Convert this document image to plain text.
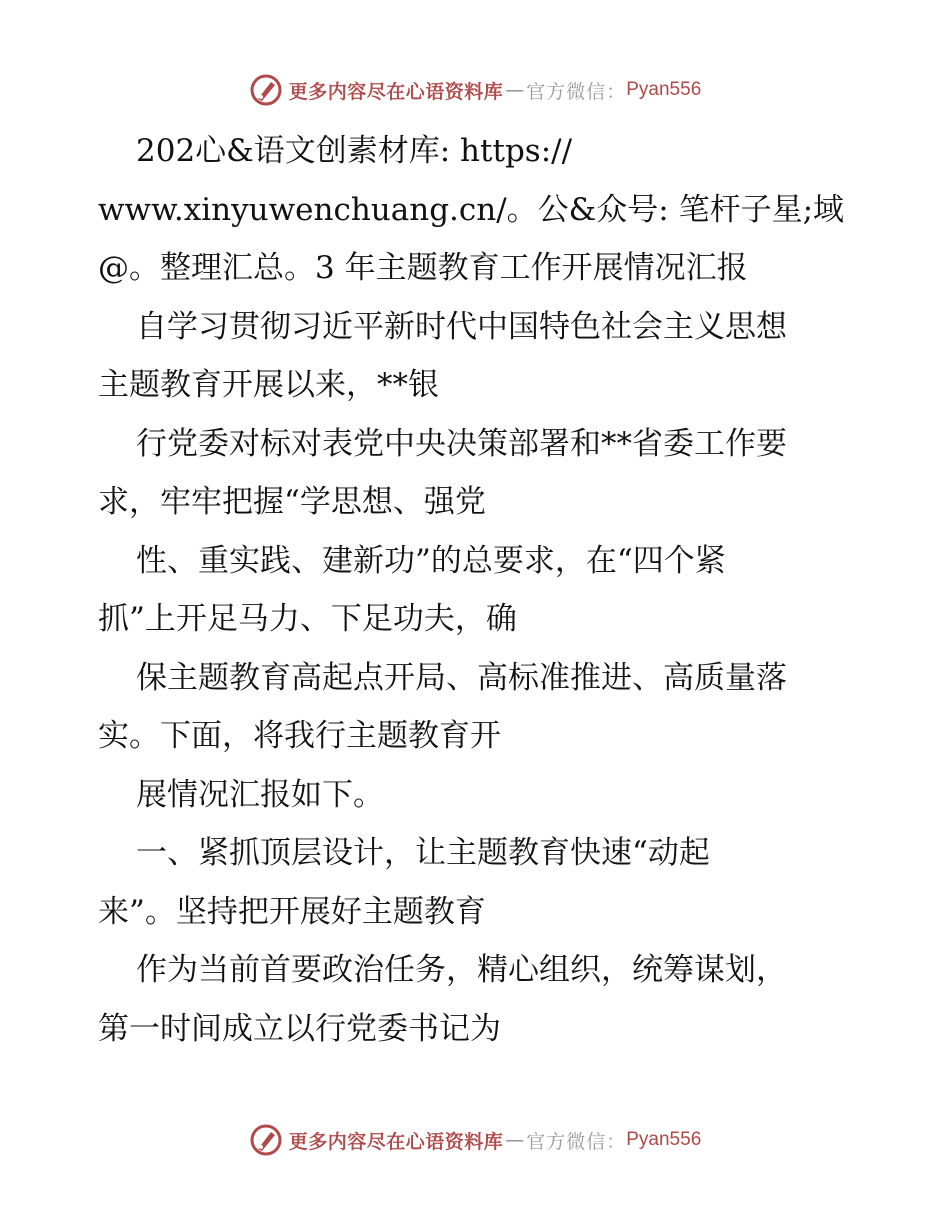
更多内容尽在心语资料库 — 官方微信： Pyan556
202心&语文创素材库: https://
www.xinyuwenchuang.cn/。公&众号: 笔杆子星;域
@。整理汇总。3 年主题教育工作开展情况汇报
自学习贯彻习近平新时代中国特色社会主义思想
主题教育开展以来，**银
行党委对标对表党中央决策部署和**省委工作要
求，牢牢把握“学思想、强党
性、重实践、建新功”的总要求，在“四个紧
抓”上开足马力、下足功夫，确
保主题教育高起点开局、高标准推进、高质量落
实。下面，将我行主题教育开
展情况汇报如下。
一、紧抓顶层设计，让主题教育快速“动起
来”。坚持把开展好主题教育
作为当前首要政治任务，精心组织，统筹谋划，
第一时间成立以行党委书记为
更多内容尽在心语资料库 — 官方微信： Pyan556
